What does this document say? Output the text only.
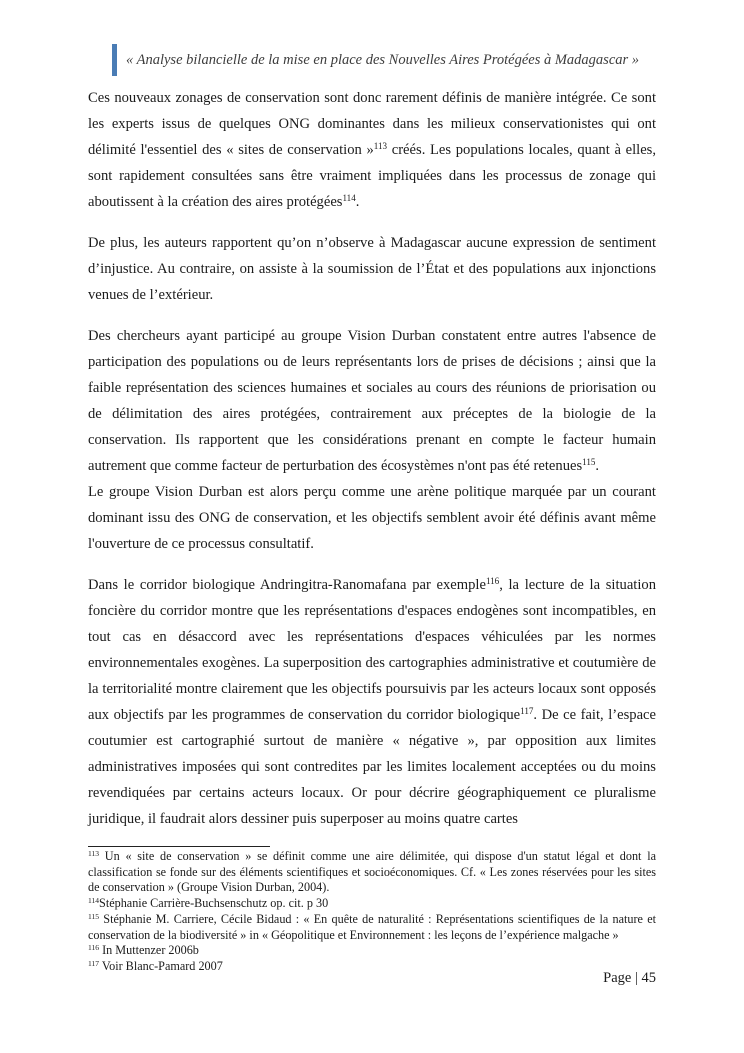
« Analyse bilancielle de la mise en place des Nouvelles Aires Protégées à Madagascar »

Ces nouveaux zonages de conservation sont donc rarement définis de manière intégrée. Ce sont les experts issus de quelques ONG dominantes dans les milieux conservationistes qui ont délimité l'essentiel des « sites de conservation »$^{113}$ créés. Les populations locales, quant à elles, sont rapidement consultées sans être vraiment impliquées dans les processus de zonage qui aboutissent à la création des aires protégées$^{114}$.

De plus, les auteurs rapportent qu’on n’observe à Madagascar aucune expression de sentiment d’injustice. Au contraire, on assiste à la soumission de l’État et des populations aux injonctions venues de l’extérieur.

Des chercheurs ayant participé au groupe Vision Durban constatent entre autres l'absence de participation des populations ou de leurs représentants lors de prises de décisions ; ainsi que la faible représentation des sciences humaines et sociales au cours des réunions de priorisation ou de délimitation des aires protégées, contrairement aux préceptes de la biologie de la conservation. Ils rapportent que les considérations prenant en compte le facteur humain autrement que comme facteur de perturbation des écosystèmes n'ont pas été retenues$^{115}$.

Le groupe Vision Durban est alors perçu comme une arène politique marquée par un courant dominant issu des ONG de conservation, et les objectifs semblent avoir été définis avant même l'ouverture de ce processus consultatif.

Dans le corridor biologique Andringitra-Ranomafana par exemple$^{116}$, la lecture de la situation foncière du corridor montre que les représentations d'espaces endogènes sont incompatibles, en tout cas en désaccord avec les représentations d'espaces véhiculées par les normes environnementales exogènes. La superposition des cartographies administrative et coutumière de la territorialité montre clairement que les objectifs poursuivis par les acteurs locaux sont opposés aux objectifs par les programmes de conservation du corridor biologique$^{117}$. De ce fait, l’espace coutumier est cartographié surtout de manière « négative », par opposition aux limites administratives imposées qui sont contredites par les limites localement acceptées ou du moins revendiquées par certains acteurs locaux. Or pour décrire géographiquement ce pluralisme juridique, il faudrait alors dessiner puis superposer au moins quatre cartes

$^{113}$ Un « site de conservation » se définit comme une aire délimitée, qui dispose d'un statut légal et dont la classification se fonde sur des éléments scientifiques et socioéconomiques. Cf. « Les zones réservées pour les sites de conservation » (Groupe Vision Durban, 2004).

$^{114}$Stéphanie Carrière-Buchsenschutz op. cit. p 30

$^{115}$ Stéphanie M. Carriere, Cécile Bidaud : « En quête de naturalité : Représentations scientifiques de la nature et conservation de la biodiversité » in « Géopolitique et Environnement : les leçons de l’expérience malgache »

$^{116}$ In Muttenzer 2006b

$^{117}$ Voir Blanc-Pamard 2007

Page | 45
